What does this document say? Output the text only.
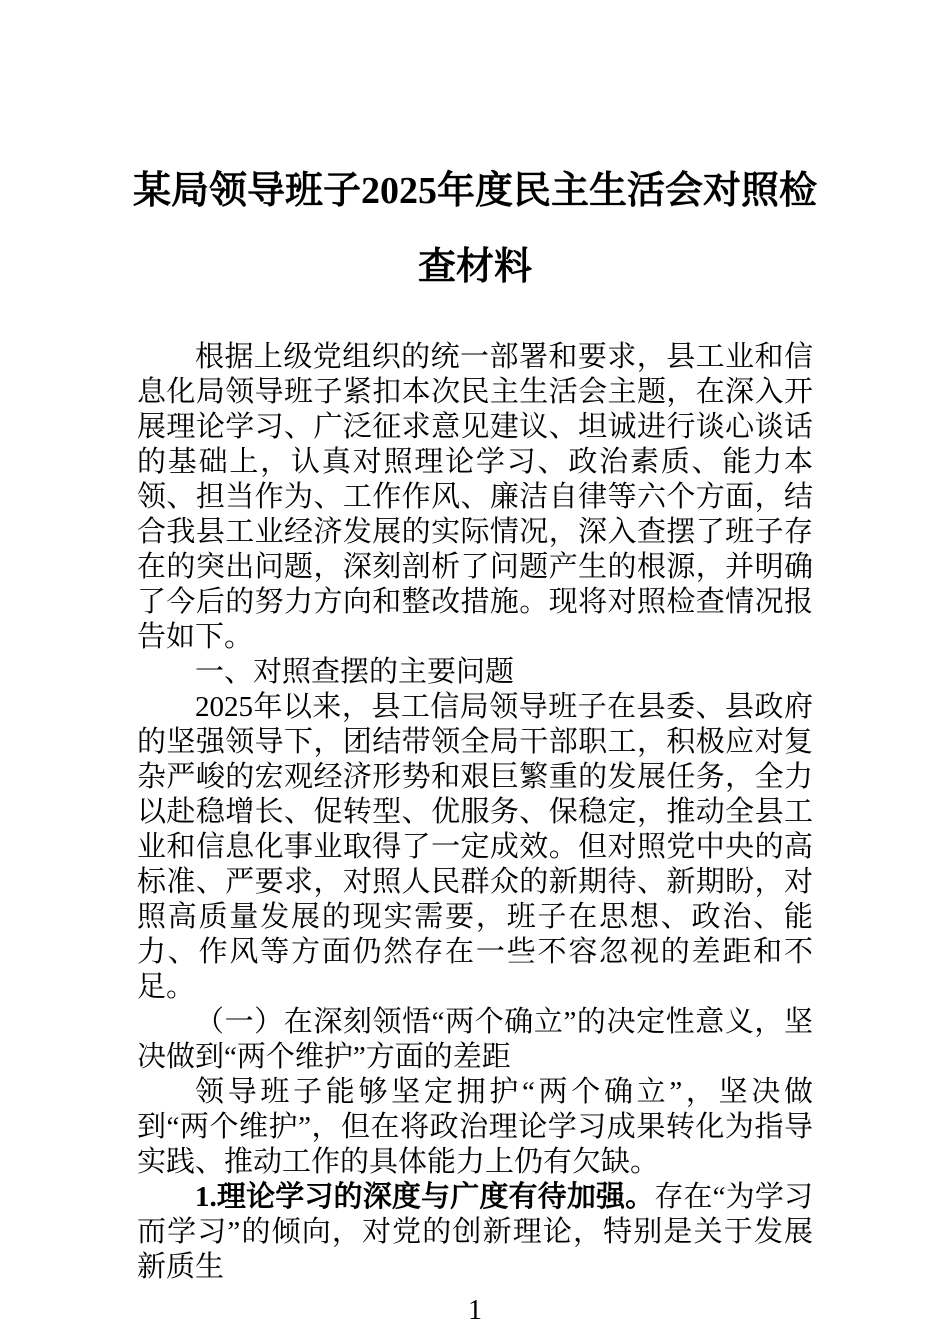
某局领导班子2025年度民主生活会对照检查材料

根据上级党组织的统一部署和要求，县工业和信息化局领导班子紧扣本次民主生活会主题，在深入开展理论学习、广泛征求意见建议、坦诚进行谈心谈话的基础上，认真对照理论学习、政治素质、能力本领、担当作为、工作作风、廉洁自律等六个方面，结合我县工业经济发展的实际情况，深入查摆了班子存在的突出问题，深刻剖析了问题产生的根源，并明确了今后的努力方向和整改措施。现将对照检查情况报告如下。

一、对照查摆的主要问题

2025年以来，县工信局领导班子在县委、县政府的坚强领导下，团结带领全局干部职工，积极应对复杂严峻的宏观经济形势和艰巨繁重的发展任务，全力以赴稳增长、促转型、优服务、保稳定，推动全县工业和信息化事业取得了一定成效。但对照党中央的高标准、严要求，对照人民群众的新期待、新期盼，对照高质量发展的现实需要，班子在思想、政治、能力、作风等方面仍然存在一些不容忽视的差距和不足。

（一）在深刻领悟“两个确立”的决定性意义，坚决做到“两个维护”方面的差距

领导班子能够坚定拥护“两个确立”，坚决做到“两个维护”，但在将政治理论学习成果转化为指导实践、推动工作的具体能力上仍有欠缺。

1.理论学习的深度与广度有待加强。存在“为学习而学习”的倾向，对党的创新理论，特别是关于发展新质生

1
